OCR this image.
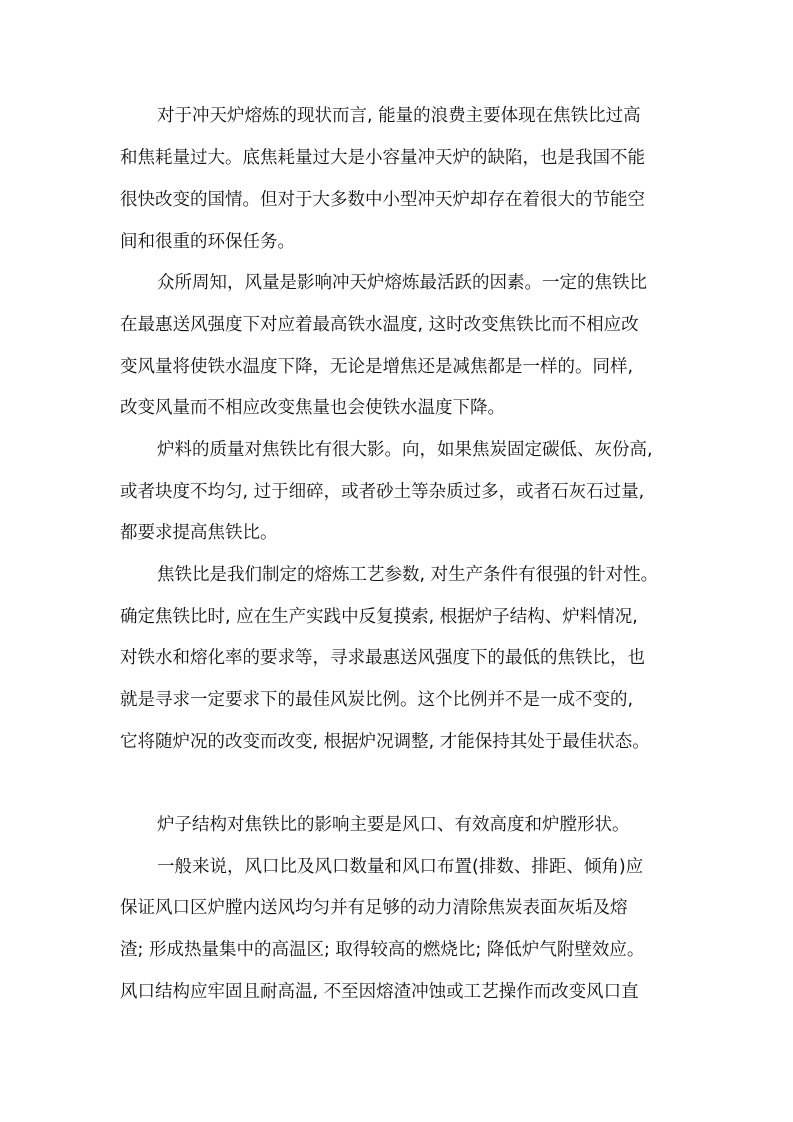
对于冲天炉熔炼的现状而言, 能量的浪费主要体现在焦铁比过高
和焦耗量过大。底焦耗量过大是小容量冲天炉的缺陷，也是我国不能
很快改变的国情。但对于大多数中小型冲天炉却存在着很大的节能空
间和很重的环保任务。
众所周知，风量是影响冲天炉熔炼最活跃的因素。一定的焦铁比
在最惠送风强度下对应着最高铁水温度, 这时改变焦铁比而不相应改
变风量将使铁水温度下降，无论是增焦还是减焦都是一样的。同样,
改变风量而不相应改变焦量也会使铁水温度下降。
炉料的质量对焦铁比有很大影。向，如果焦炭固定碳低、灰份高,
或者块度不均匀, 过于细碎，或者砂土等杂质过多，或者石灰石过量,
都要求提高焦铁比。
焦铁比是我们制定的熔炼工艺参数, 对生产条件有很强的针对性。
确定焦铁比时, 应在生产实践中反复摸索, 根据炉子结构、炉料情况,
对铁水和熔化率的要求等，寻求最惠送风强度下的最低的焦铁比，也
就是寻求一定要求下的最佳风炭比例。这个比例并不是一成不变的,
它将随炉况的改变而改变, 根据炉况调整, 才能保持其处于最佳状态。
炉子结构对焦铁比的影响主要是风口、有效高度和炉膛形状。
一般来说，风口比及风口数量和风口布置(排数、排距、倾角)应
保证风口区炉膛内送风均匀并有足够的动力清除焦炭表面灰垢及熔
渣; 形成热量集中的高温区; 取得较高的燃烧比; 降低炉气附壁效应。
风口结构应牢固且耐高温, 不至因熔渣冲蚀或工艺操作而改变风口直
